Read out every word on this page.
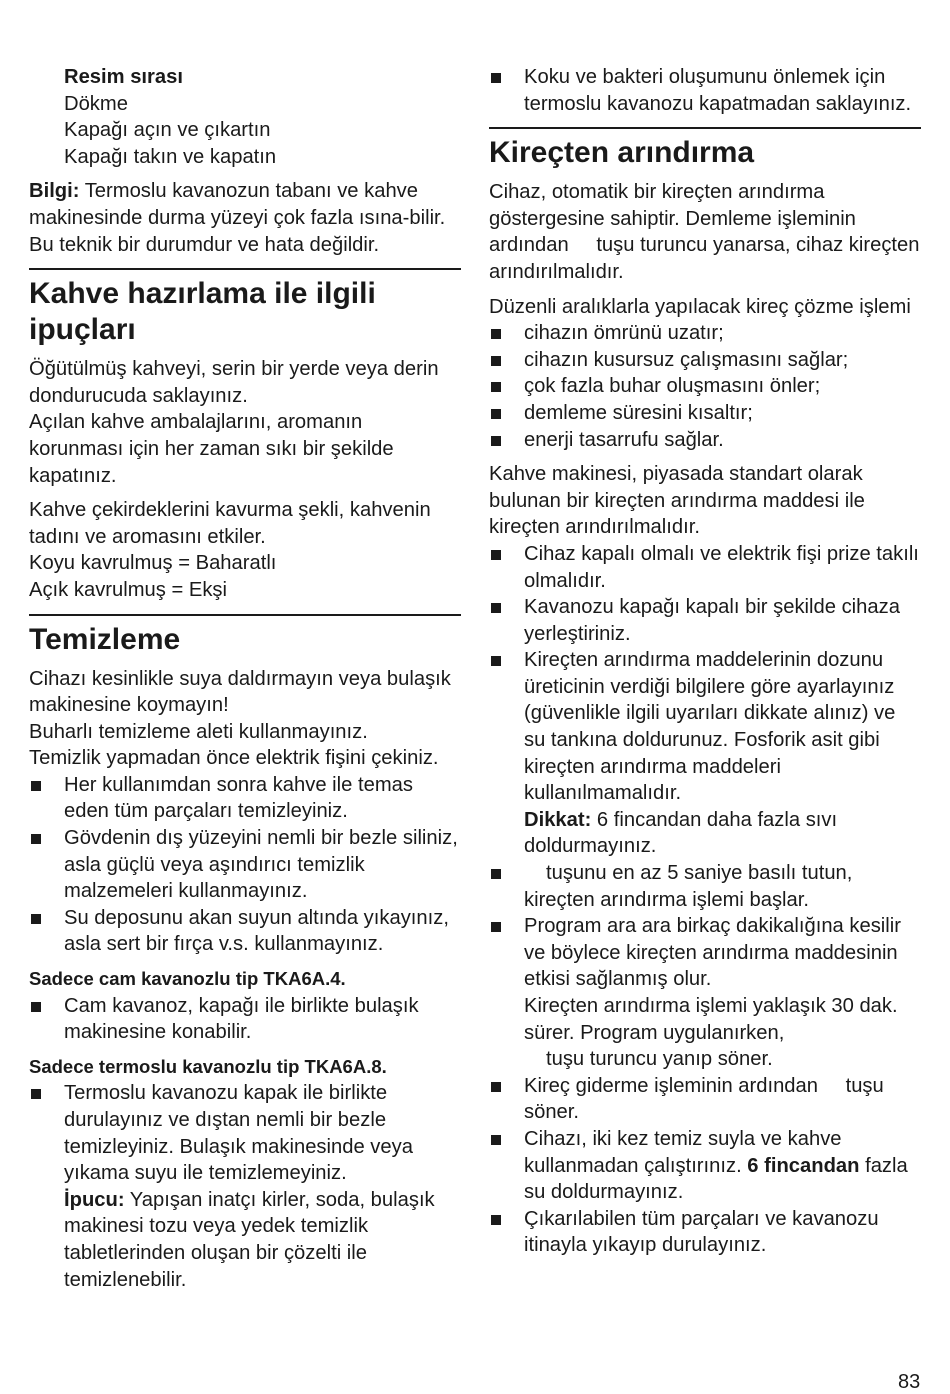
Resim sırası

Dökme

Kapağı açın ve çıkartın

Kapağı takın ve kapatın

Bilgi: Termoslu kavanozun tabanı ve kahve makinesinde durma yüzeyi çok fazla ısına-bilir. Bu teknik bir durumdur ve hata değildir.

Kahve hazırlama ile ilgili ipuçları

Öğütülmüş kahveyi, serin bir yerde veya derin dondurucuda saklayınız.

Açılan kahve ambalajlarını, aromanın korunması için her zaman sıkı bir şekilde kapatınız.

Kahve çekirdeklerini kavurma şekli, kahvenin tadını ve aromasını etkiler.

Koyu kavrulmuş = Baharatlı

Açık kavrulmuş = Ekşi

Temizleme

Cihazı kesinlikle suya daldırmayın veya bulaşık makinesine koymayın!

Buharlı temizleme aleti kullanmayınız.

Temizlik yapmadan önce elektrik fişini çekiniz.

Her kullanımdan sonra kahve ile temas eden tüm parçaları temizleyiniz.
Gövdenin dış yüzeyini nemli bir bezle siliniz, asla güçlü veya aşındırıcı temizlik malzemeleri kullanmayınız.
Su deposunu akan suyun altında yıkayınız, asla sert bir fırça v.s. kullanmayınız.

Sadece cam kavanozlu tip TKA6A.4.

Cam kavanoz, kapağı ile birlikte bulaşık makinesine konabilir.

Sadece termoslu kavanozlu tip TKA6A.8.

Termoslu kavanozu kapak ile birlikte durulayınız ve dıştan nemli bir bezle temizleyiniz. Bulaşık makinesinde veya yıkama suyu ile temizlemeyiniz.
İpucu: Yapışan inatçı kirler, soda, bulaşık makinesi tozu veya yedek temizlik tabletlerinden oluşan bir çözelti ile temizlenebilir.
Koku ve bakteri oluşumunu önlemek için termoslu kavanozu kapatmadan saklayınız.
Kireçten arındırma

Cihaz, otomatik bir kireçten arındırma göstergesine sahiptir. Demleme işleminin ardından tuşu turuncu yanarsa, cihaz kireçten arındırılmalıdır.

Düzenli aralıklarla yapılacak kireç çözme işlemi

cihazın ömrünü uzatır;
cihazın kusursuz çalışmasını sağlar;
çok fazla buhar oluşmasını önler;
demleme süresini kısaltır;
enerji tasarrufu sağlar.

Kahve makinesi, piyasada standart olarak bulunan bir kireçten arındırma maddesi ile kireçten arındırılmalıdır.

Cihaz kapalı olmalı ve elektrik fişi prize takılı olmalıdır.
Kavanozu kapağı kapalı bir şekilde cihaza yerleştiriniz.
Kireçten arındırma maddelerinin dozunu üreticinin verdiği bilgilere göre ayarlayınız (güvenlikle ilgili uyarıları dikkate alınız) ve su tankına doldurunuz. Fosforik asit gibi kireçten arındırma maddeleri kullanılmamalıdır.
Dikkat: 6 fincandan daha fazla sıvı doldurmayınız.
tuşunu en az 5 saniye basılı tutun, kireçten arındırma işlemi başlar.
Program ara ara birkaç dakikalığına kesilir ve böylece kireçten arındırma maddesinin etkisi sağlanmış olur.
Kireçten arındırma işlemi yaklaşık 30 dak. sürer. Program uygulanırken,
tuşu turuncu yanıp söner.
Kireç giderme işleminin ardından tuşu söner.
Cihazı, iki kez temiz suyla ve kahve kullanmadan çalıştırınız. 6 fincandan fazla su doldurmayınız.
Çıkarılabilen tüm parçaları ve kavanozu itinayla yıkayıp durulayınız.
83
